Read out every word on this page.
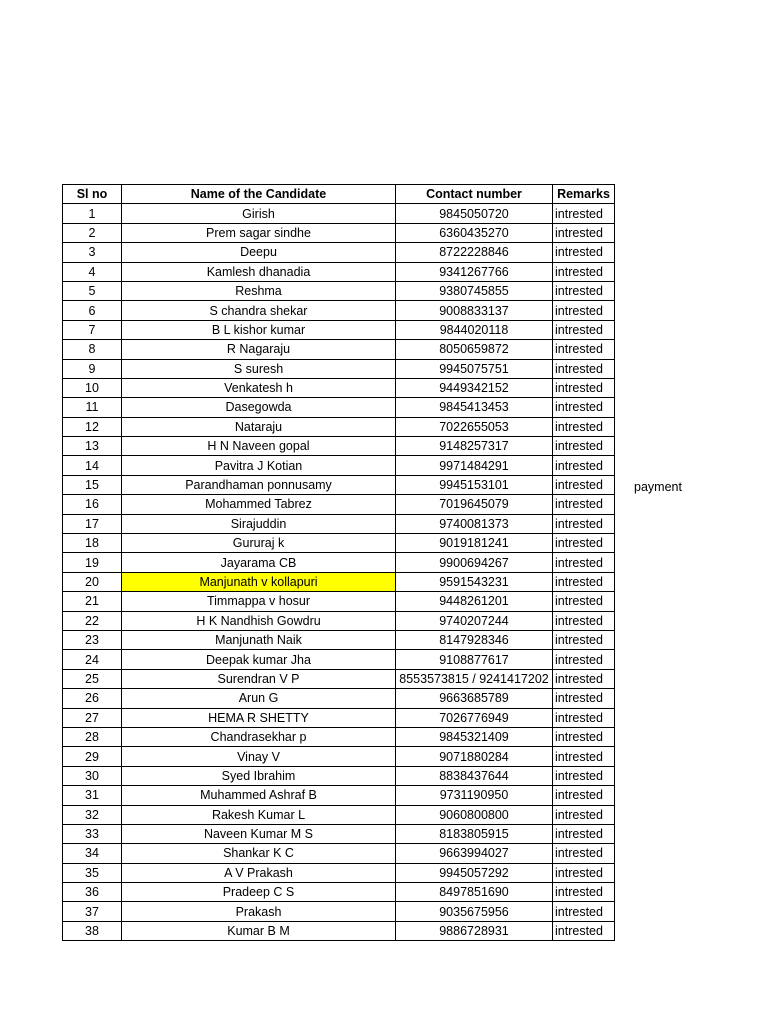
Sl no	Name of the Candidate	Contact number	Remarks
1	Girish	9845050720	intrested
2	Prem sagar sindhe	6360435270	intrested
3	Deepu	8722228846	intrested
4	Kamlesh dhanadia	9341267766	intrested
5	Reshma	9380745855	intrested
6	S chandra shekar	9008833137	intrested
7	B L kishor kumar	9844020118	intrested
8	R Nagaraju	8050659872	intrested
9	S suresh	9945075751	intrested
10	Venkatesh h	9449342152	intrested
11	Dasegowda	9845413453	intrested
12	Nataraju	7022655053	intrested
13	H N Naveen gopal	9148257317	intrested
14	Pavitra J Kotian	9971484291	intrested
15	Parandhaman ponnusamy	9945153101	intrested
16	Mohammed Tabrez	7019645079	intrested
17	Sirajuddin	9740081373	intrested
18	Gururaj k	9019181241	intrested
19	Jayarama CB	9900694267	intrested
20	Manjunath v kollapuri	9591543231	intrested
21	Timmappa v hosur	9448261201	intrested
22	H K Nandhish Gowdru	9740207244	intrested
23	Manjunath Naik	8147928346	intrested
24	Deepak kumar Jha	9108877617	intrested
25	Surendran V P	8553573815 / 9241417202	intrested
26	Arun G	9663685789	intrested
27	HEMA R SHETTY	7026776949	intrested
28	Chandrasekhar p	9845321409	intrested
29	Vinay V	9071880284	intrested
30	Syed Ibrahim	8838437644	intrested
31	Muhammed Ashraf B	9731190950	intrested
32	Rakesh Kumar L	9060800800	intrested
33	Naveen Kumar M S	8183805915	intrested
34	Shankar K C	9663994027	intrested
35	A V Prakash	9945057292	intrested
36	Pradeep C S	8497851690	intrested
37	Prakash	9035675956	intrested
38	Kumar B M	9886728931	intrested
payment
